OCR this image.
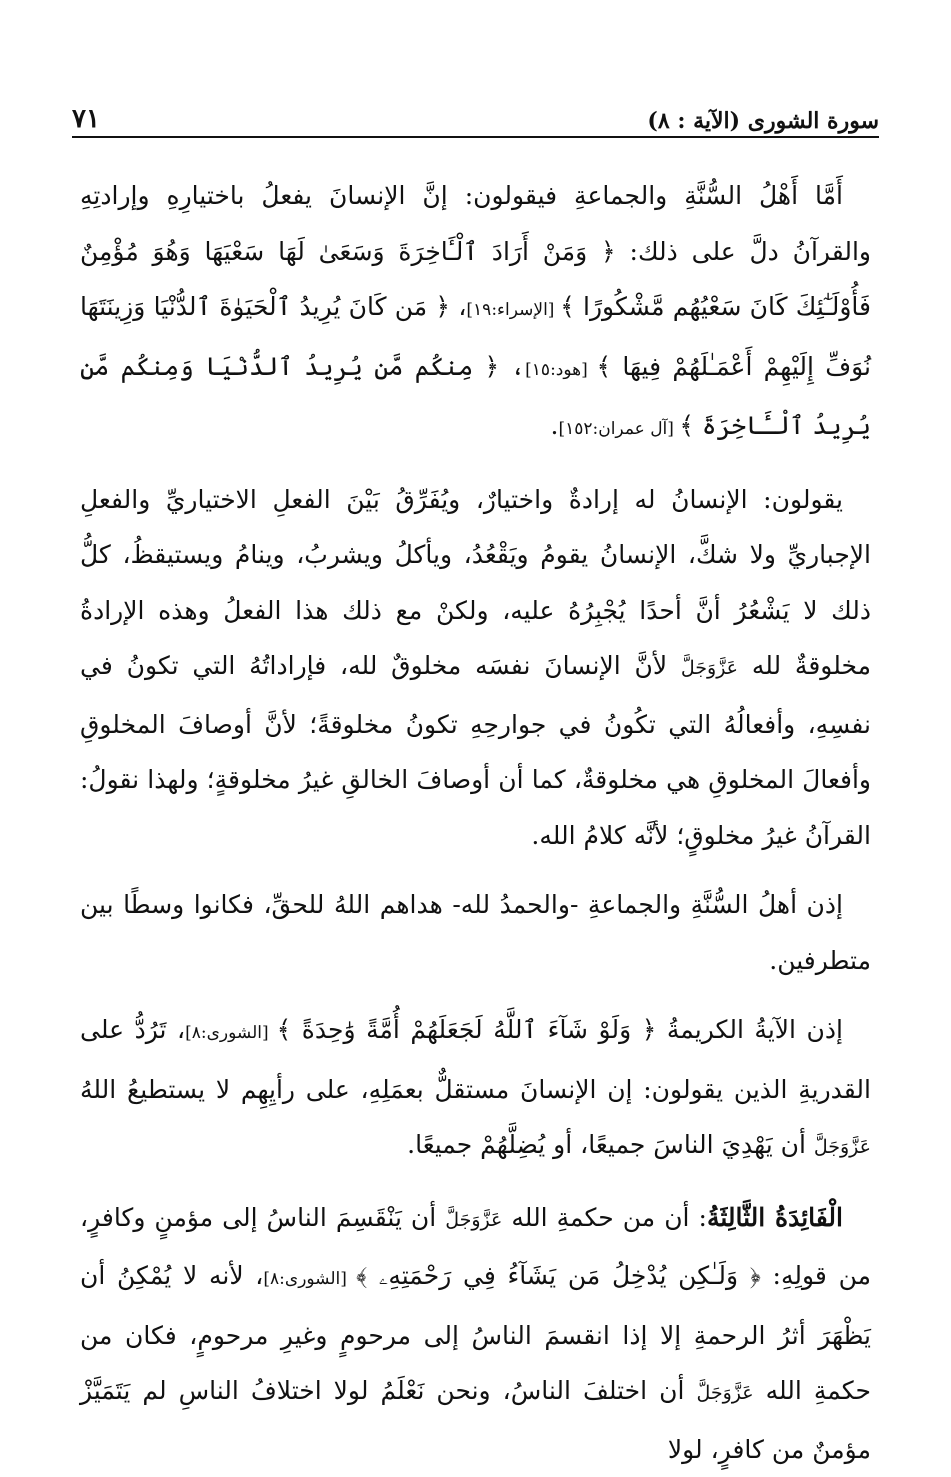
٧١	سورة الشورى (الآية : ٨)

أَمَّا أَهْلُ السُّنَّةِ والجماعةِ فيقولون: إنَّ الإنسانَ يفعلُ باختيارِهِ وإرادتِهِ والقرآنُ دلَّ على ذلك: ﴿ وَمَنْ أَرَادَ ٱلْـَٔاخِرَةَ وَسَعَىٰ لَهَا سَعْيَهَا وَهُوَ مُؤْمِنٌ فَأُوْلَـٰٓئِكَ كَانَ سَعْيُهُم مَّشْكُورًا ﴾ [الإسراء:١٩]، ﴿ مَن كَانَ يُرِيدُ ٱلْحَيَوٰةَ ٱلدُّنْيَا وَزِينَتَهَا نُوَفِّ إِلَيْهِمْ أَعْمَـٰلَهُمْ فِيهَا ﴾ [هود:١٥]، ﴿ مِنكُم مَّن يُرِيدُ ٱلدُّنْيَا وَمِنكُم مَّن يُرِيدُ ٱلْـَٔاخِرَةَ ﴾ [آل عمران:١٥٢].

يقولون: الإنسانُ له إرادةٌ واختيارٌ، ويُفَرِّقُ بَيْنَ الفعلِ الاختياريِّ والفعلِ الإجباريِّ ولا شكَّ، الإنسانُ يقومُ ويَقْعُدُ، ويأكلُ ويشربُ، وينامُ ويستيقظُ، كلُّ ذلك لا يَشْعُرُ أنَّ أحدًا يُجْبِرُهُ عليه، ولكنْ مع ذلك هذا الفعلُ وهذه الإرادةُ مخلوقةٌ لله عَزَّوَجَلَّ لأنَّ الإنسانَ نفسَه مخلوقٌ لله، فإراداتُهُ التي تكونُ في نفسِهِ، وأفعالُهُ التي تكُونُ في جوارحِهِ تكونُ مخلوقةً؛ لأنَّ أوصافَ المخلوقِ وأفعالَ المخلوقِ هي مخلوقةٌ، كما أن أوصافَ الخالقِ غيرُ مخلوقةٍ؛ ولهذا نقولُ: القرآنُ غيرُ مخلوقٍ؛ لأنَّه كلامُ الله.

إذن أهلُ السُّنَّةِ والجماعةِ -والحمدُ لله- هداهم اللهُ للحقِّ، فكانوا وسطًا بين متطرفين.

إذن الآيةُ الكريمةُ ﴿ وَلَوْ شَآءَ ٱللَّهُ لَجَعَلَهُمْ أُمَّةً وَٰحِدَةً ﴾ [الشورى:٨]، تَرُدُّ على القدريةِ الذين يقولون: إن الإنسانَ مستقلٌّ بعمَلِهِ، على رأيِهِم لا يستطيعُ اللهُ عَزَّوَجَلَّ أن يَهْدِيَ الناسَ جميعًا، أو يُضِلَّهُمْ جميعًا.

الْفَائِدَةُ الثَّالِثَةُ: أن من حكمةِ الله عَزَّوَجَلَّ أن يَنْقَسِمَ الناسُ إلى مؤمنٍ وكافرٍ، من قولِهِ: ﴿ وَلَـٰكِن يُدْخِلُ مَن يَشَآءُ فِي رَحْمَتِهِۦ ﴾ [الشورى:٨]، لأنه لا يُمْكِنُ أن يَظْهَرَ أثرُ الرحمةِ إلا إذا انقسمَ الناسُ إلى مرحومٍ وغيرِ مرحومٍ، فكان من حكمةِ الله عَزَّوَجَلَّ أن اختلفَ الناسُ، ونحن نَعْلَمُ لولا اختلافُ الناسِ لم يَتَمَيَّزْ مؤمنٌ من كافرٍ، لولا
